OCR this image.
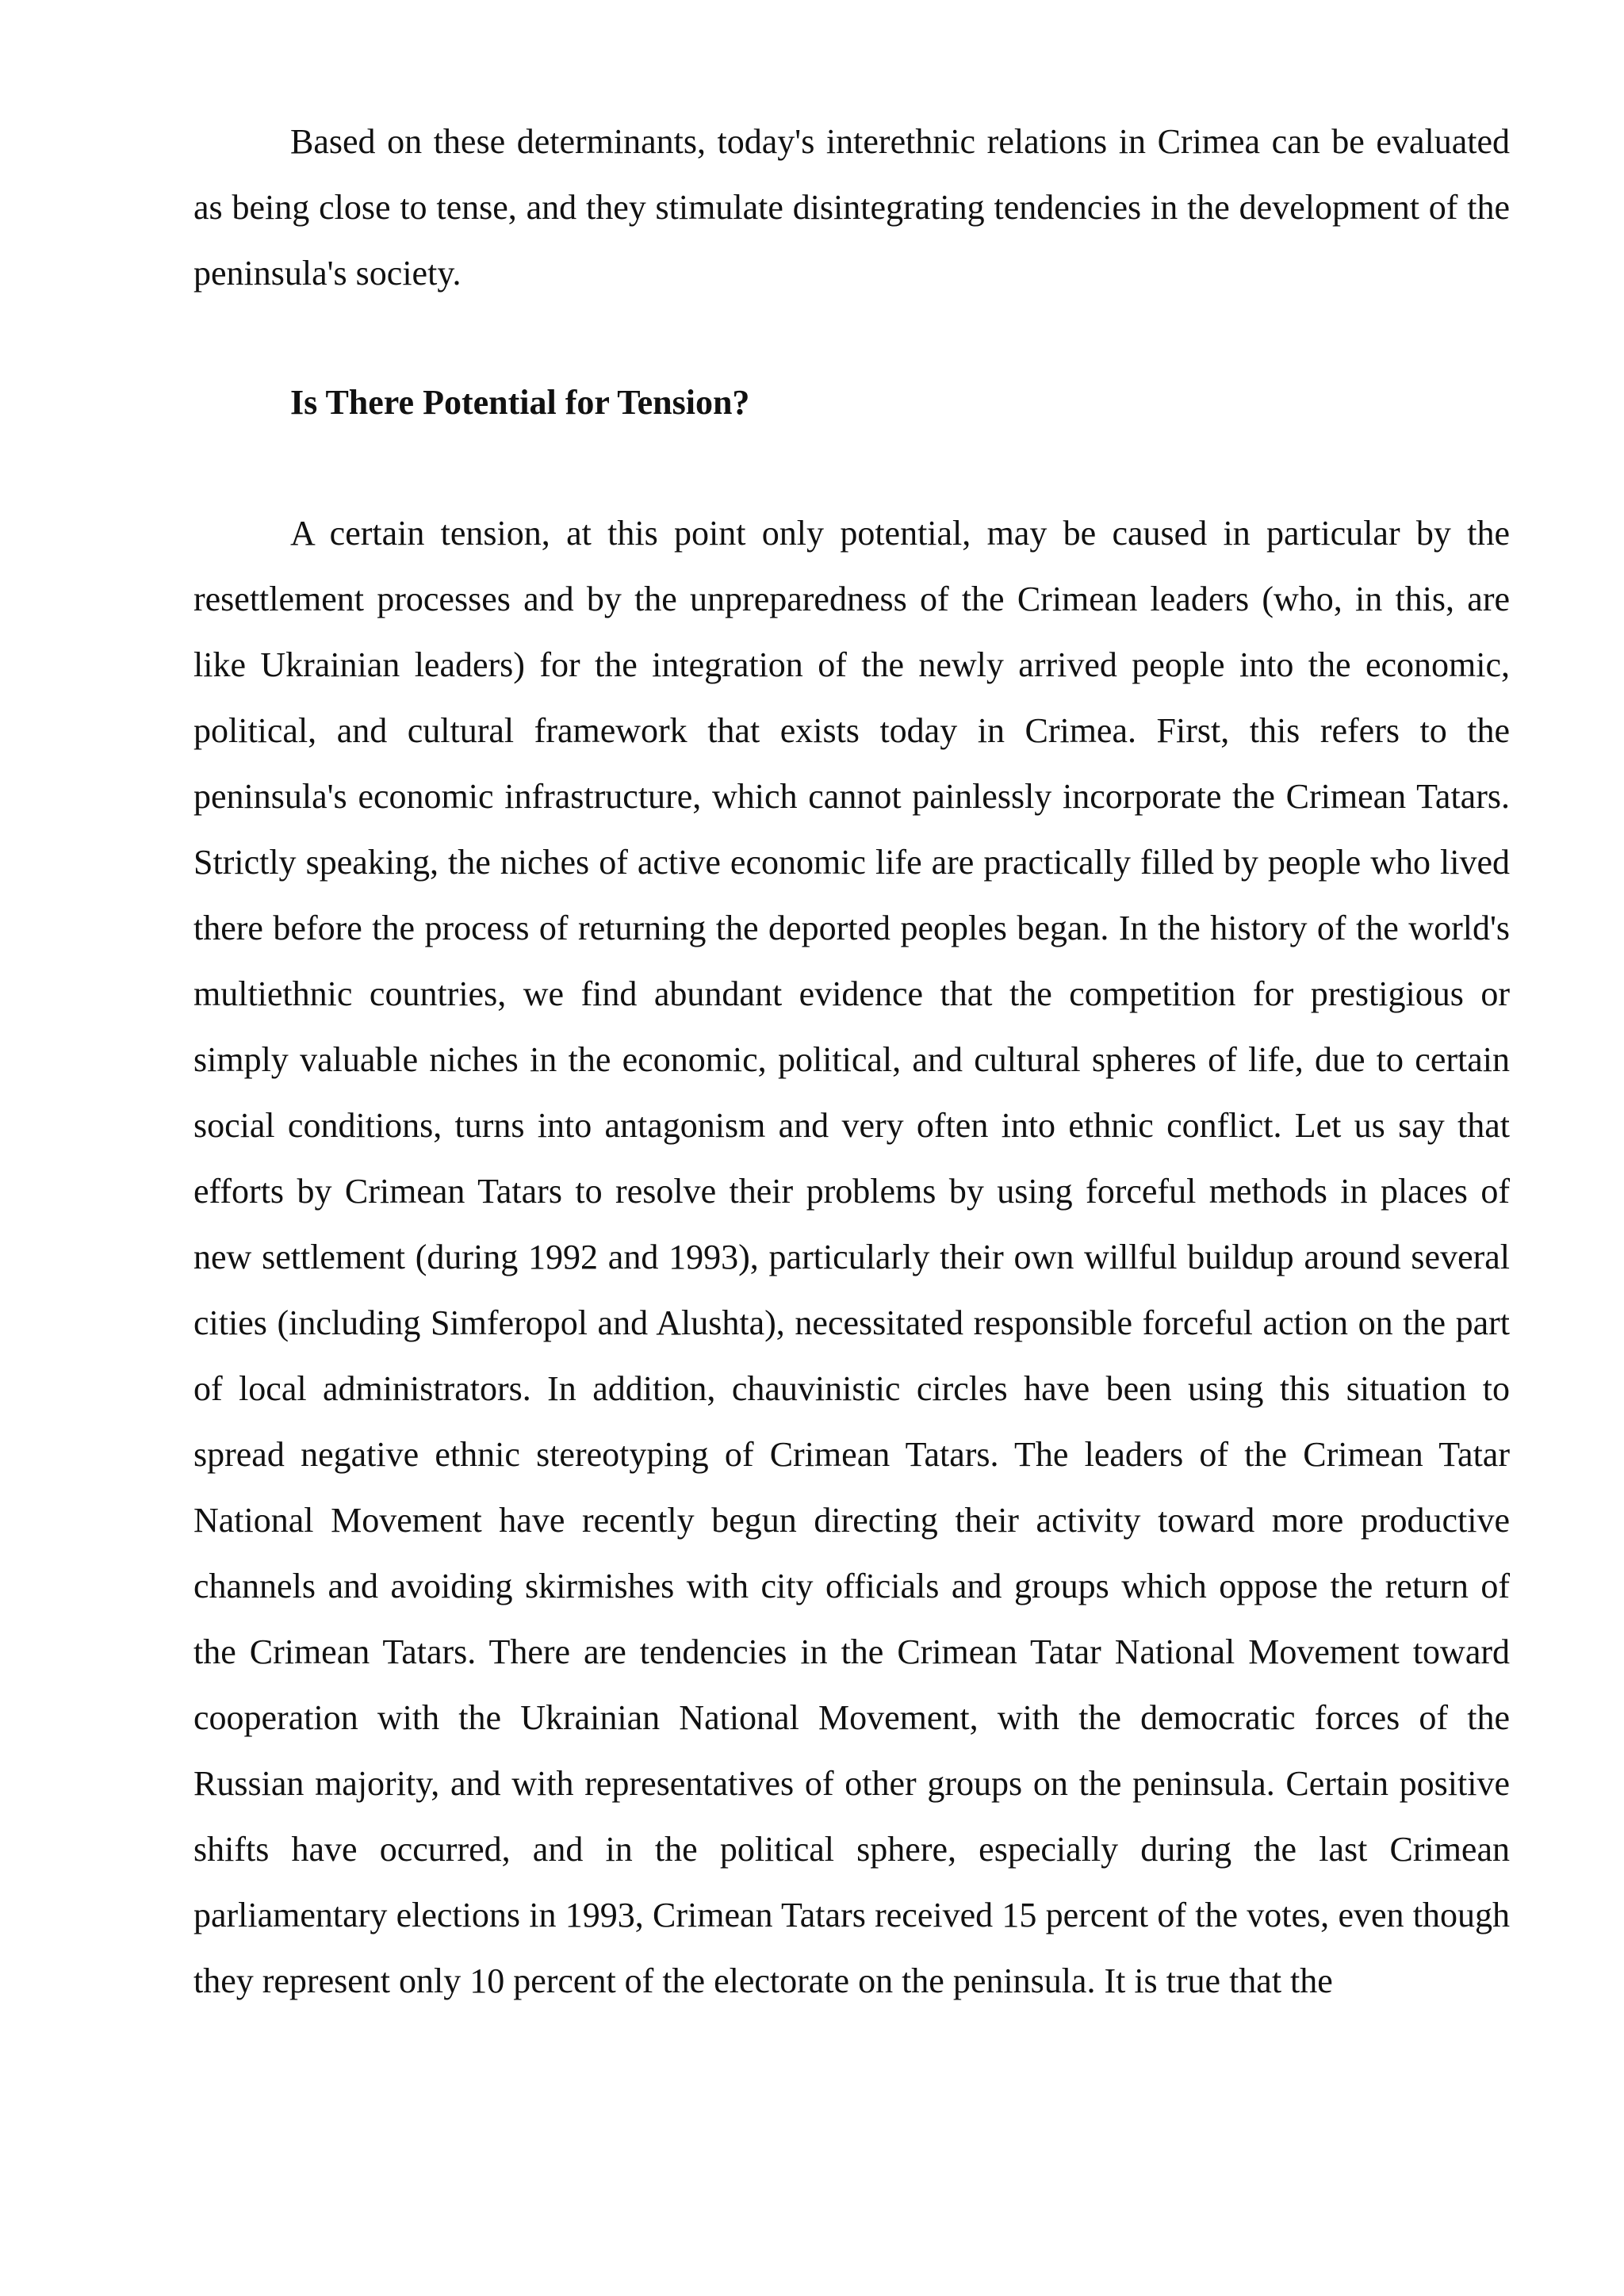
Based on these determinants, today's interethnic relations in Crimea can be evaluated as being close to tense, and they stimulate disintegrating tendencies in the development of the peninsula's society.

Is There Potential for Tension?

A certain tension, at this point only potential, may be caused in particular by the resettlement processes and by the unpreparedness of the Crimean leaders (who, in this, are like Ukrainian leaders) for the integration of the newly arrived people into the economic, political, and cultural framework that exists today in Crimea. First, this refers to the peninsula's economic infrastructure, which cannot painlessly incorporate the Crimean Tatars. Strictly speaking, the niches of active economic life are practically filled by people who lived there before the process of returning the deported peoples began. In the history of the world's multiethnic countries, we find abundant evidence that the competition for prestigious or simply valuable niches in the economic, political, and cultural spheres of life, due to certain social conditions, turns into antagonism and very often into ethnic conflict. Let us say that efforts by Crimean Tatars to resolve their problems by using forceful methods in places of new settlement (during 1992 and 1993), particularly their own willful buildup around several cities (including Simferopol and Alushta), necessitated responsible forceful action on the part of local administrators. In addition, chauvinistic circles have been using this situation to spread negative ethnic stereotyping of Crimean Tatars. The leaders of the Crimean Tatar National Movement have recently begun directing their activity toward more productive channels and avoiding skirmishes with city officials and groups which oppose the return of the Crimean Tatars. There are tendencies in the Crimean Tatar National Movement toward cooperation with the Ukrainian National Movement, with the democratic forces of the Russian majority, and with representatives of other groups on the peninsula. Certain positive shifts have occurred, and in the political sphere, especially during the last Crimean parliamentary elections in 1993, Crimean Tatars received 15 percent of the votes, even though they represent only 10 percent of the electorate on the peninsula. It is true that the
